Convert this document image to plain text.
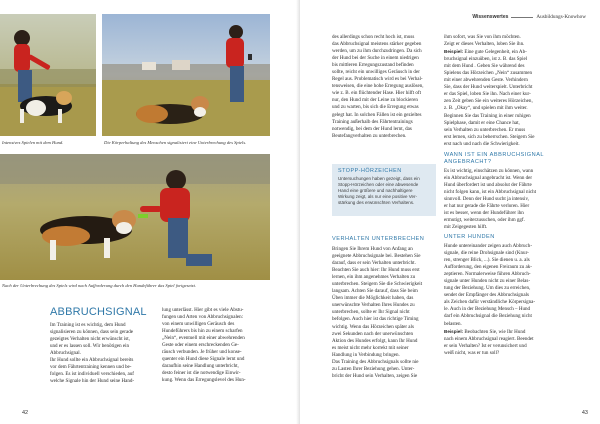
Intensives Spielen mit dem Hund.	Die Körperhaltung des Menschen signalisiert eine Unterbrechung des Spiels.
Nach der Unterbrechung des Spiels wird nach Aufforderung durch den Hundeführer das Spiel fortgesetzt.
ABBRUCHSIGNAL
Im Training ist es wichtig, dem Hund
signalisieren zu können, dass sein gerade
gezeigtes Verhalten nicht erwünscht ist,
und er es lassen soll. Wir benötigen ein
Abbruchsignal.
Ihr Hund sollte ein Abbruchsignal bereits
vor dem Fährtentraining kennen und be-
folgen. Es ist individuell verschieden, auf
welche Signale hin der Hund seine Hand-
lung unterlässt. Hier gibt es viele Abstu-
fungen und Arten von Abbruchsignalen:
von einem unwilligen Geräusch des
Hundeführers bis hin zu einem scharfen
„Nein“, eventuell mit einer abwehrenden
Geste oder einem erschreckenden Ge-
räusch verbunden. Je früher und konse-
quenter ein Hund diese Signale lernt und
daraufhin seine Handlung unterbricht,
desto feiner ist die notwendige Einwir-
kung. Wenn das Erregungslevel des Hun-
42
Wissenswertes	Ausbildungs-Knowhow
des allerdings schon recht hoch ist, muss
das Abbruchsignal meistens stärker gegeben
werden, um zu ihm durchzudringen. Da sich
der Hund bei der Suche in einem niedrigen
bis mittleren Erregungszustand befinden
sollte, reicht ein unwilliges Geräusch in der
Regel aus. Problematisch wird es bei Verhal-
tensweisen, die eine hohe Erregung auslösen,
wie z. B. ein flüchtender Hase. Hier hilft oft
nur, den Hund mit der Leine zu blockieren
und zu warten, bis sich die Erregung etwas
gelegt hat. In solchen Fällen ist ein gezieltes
Training außerhalb des Fährtentrainings
notwendig, bei dem der Hund lernt, das
Beutefangverhalten zu unterbrechen.
STOPP-HÖRZEICHEN
Untersuchungen haben gezeigt, dass ein
Stopp-Hörzeichen oder eine abwesende
Hand eine größere und nachhaltigere
Wirkung zeigt, als nur eine positive Ver-
stärkung des erwünschten Verhaltens.
VERHALTEN UNTERBRECHEN
Bringen Sie Ihrem Hund von Anfang an
geeignete Abbruchsignale bei. Bestehen Sie
darauf, dass er sein Verhalten unterbricht.
Beachten Sie auch hier: Ihr Hund muss erst
lernen, ein ihm angenehmes Verhalten zu
unterbrechen. Steigern Sie die Schwierigkeit
langsam. Achten Sie darauf, dass Sie beim
Üben immer die Möglichkeit haben, das
unerwünschte Verhalten Ihres Hundes zu
unterbrechen, sollte er Ihr Signal nicht
befolgen. Auch hier ist das richtige Timing
wichtig. Wenn das Hörzeichen später als
zwei Sekunden nach der unerwünschten
Aktion des Hundes erfolgt, kann Ihr Hund
es meist nicht mehr korrekt mit seiner
Handlung in Verbindung bringen.
Das Training des Abbruchsignals sollte nie
zu Lasten Ihrer Beziehung gehen. Unter-
bricht der Hund sein Verhalten, zeigen Sie
ihm sofort, was Sie von ihm möchten.
Zeigt er dieses Verhalten, loben Sie ihn.
Beispiel: Eine gute Gelegenheit, ein Ab-
bruchsignal einzuüben, ist z. B. das Spiel
mit dem Hund . Geben Sie während des
Spielens das Hörzeichen „Nein“ zusammen
mit einer abwehrenden Geste. Verhindern
Sie, dass der Hund weiterspielt. Unterbricht
er das Spiel, loben Sie ihn. Nach einer kur-
zen Zeit geben Sie ein weiteres Hörzeichen,
z. B. „Okay“, und spielen mit ihm weiter.
Beginnen Sie das Training in einer ruhigen
Spielphase, damit er eine Chance hat,
sein Verhalten zu unterbrechen. Er muss
erst lernen, sich zu beherrschen. Steigern Sie
erst nach und nach die Schwierigkeit.
WANN IST EIN ABBRUCHSIGNAL ANGEBRACHT?
Es ist wichtig, einschätzen zu können, wann
ein Abbruchsignal angebracht ist. Wenn der
Hund überfordert ist und absolut der Fährte
nicht folgen kann, ist ein Abbruchsignal nicht
sinnvoll. Denn der Hund sucht ja intensiv,
er hat nur gerade die Fährte verloren. Hier
ist es besser, wenn der Hundeführer ihn
ermutigt, weiterzusuchen, oder ihm ggf.
mit Zeigegesten hilft.
UNTER HUNDEN
Hunde untereinander zeigen auch Abbruch-
signale, die reine Drohsignale sind (Knur-
ren, strenger Blick, ...). Sie dienen u. a. als
Aufforderung, den eigenen Freiraum zu ak-
zeptieren. Normalerweise führen Abbruch-
signale unter Hunden nicht zu einer Belas-
tung der Beziehung. Um dies zu erreichen,
sendet der Empfänger des Abbruchsignals
als Zeichen dafür verständliche Körpersigna-
le. Auch in der Beziehung Mensch – Hund
darf ein Abbruchsignal die Beziehung nicht
belasten.
Beispiel: Beobachten Sie, wie Ihr Hund
nach einem Abbruchsignal reagiert. Beendet
er sein Verhalten? Ist er verunsichert und
weiß nicht, was er tun soll?
43
